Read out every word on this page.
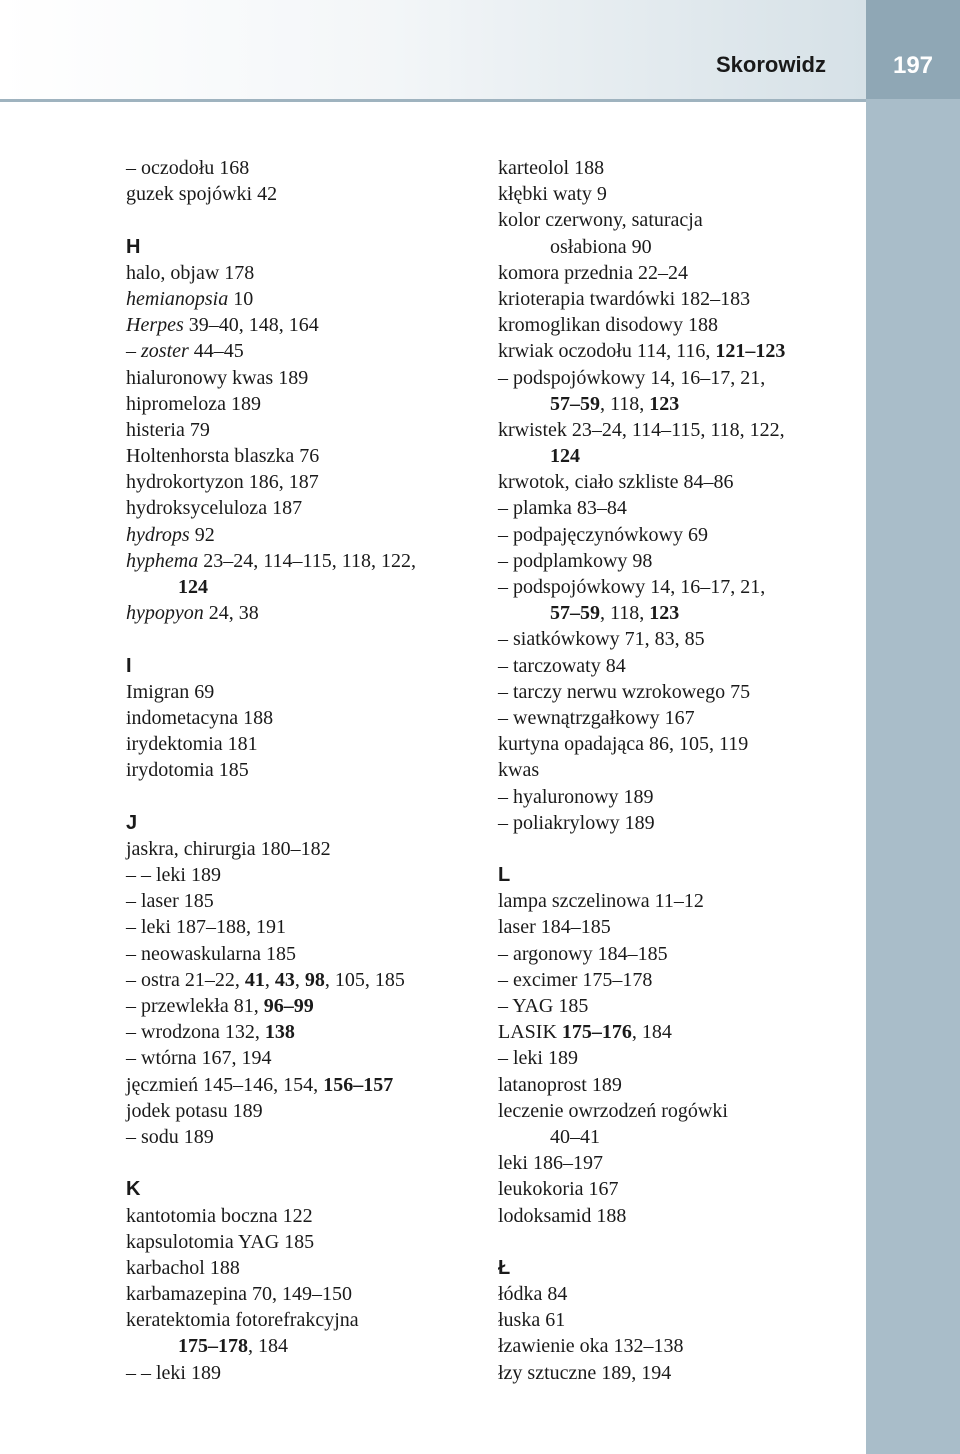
Skorowidz	197
– oczodołu 168
guzek spojówki 42
H
halo, objaw 178
hemianopsia 10
Herpes 39–40, 148, 164
– zoster 44–45
hialuronowy kwas 189
hipromeloza 189
histeria 79
Holtenhorsta blaszka 76
hydrokortyzon 186, 187
hydroksyceluloza 187
hydrops 92
hyphema 23–24, 114–115, 118, 122,
124
hypopyon 24, 38
I
Imigran 69
indometacyna 188
irydektomia 181
irydotomia 185
J
jaskra, chirurgia 180–182
– – leki 189
– laser 185
– leki 187–188, 191
– neowaskularna 185
– ostra 21–22, 41, 43, 98, 105, 185
– przewlekła 81, 96–99
– wrodzona 132, 138
– wtórna 167, 194
jęczmień 145–146, 154, 156–157
jodek potasu 189
– sodu 189
K
kantotomia boczna 122
kapsulotomia YAG 185
karbachol 188
karbamazepina 70, 149–150
keratektomia fotorefrakcyjna
175–178, 184
– – leki 189
karteolol 188
kłębki waty 9
kolor czerwony, saturacja
osłabiona 90
komora przednia 22–24
krioterapia twardówki 182–183
kromoglikan disodowy 188
krwiak oczodołu 114, 116, 121–123
– podspojówkowy 14, 16–17, 21,
57–59, 118, 123
krwistek 23–24, 114–115, 118, 122,
124
krwotok, ciało szkliste 84–86
– plamka 83–84
– podpajęczynówkowy 69
– podplamkowy 98
– podspojówkowy 14, 16–17, 21,
57–59, 118, 123
– siatkówkowy 71, 83, 85
– tarczowaty 84
– tarczy nerwu wzrokowego 75
– wewnątrzgałkowy 167
kurtyna opadająca 86, 105, 119
kwas
– hyaluronowy 189
– poliakrylowy 189
L
lampa szczelinowa 11–12
laser 184–185
– argonowy 184–185
– excimer 175–178
– YAG 185
LASIK 175–176, 184
– leki 189
latanoprost 189
leczenie owrzodzeń rogówki
40–41
leki 186–197
leukokoria 167
lodoksamid 188
Ł
łódka 84
łuska 61
łzawienie oka 132–138
łzy sztuczne 189, 194
